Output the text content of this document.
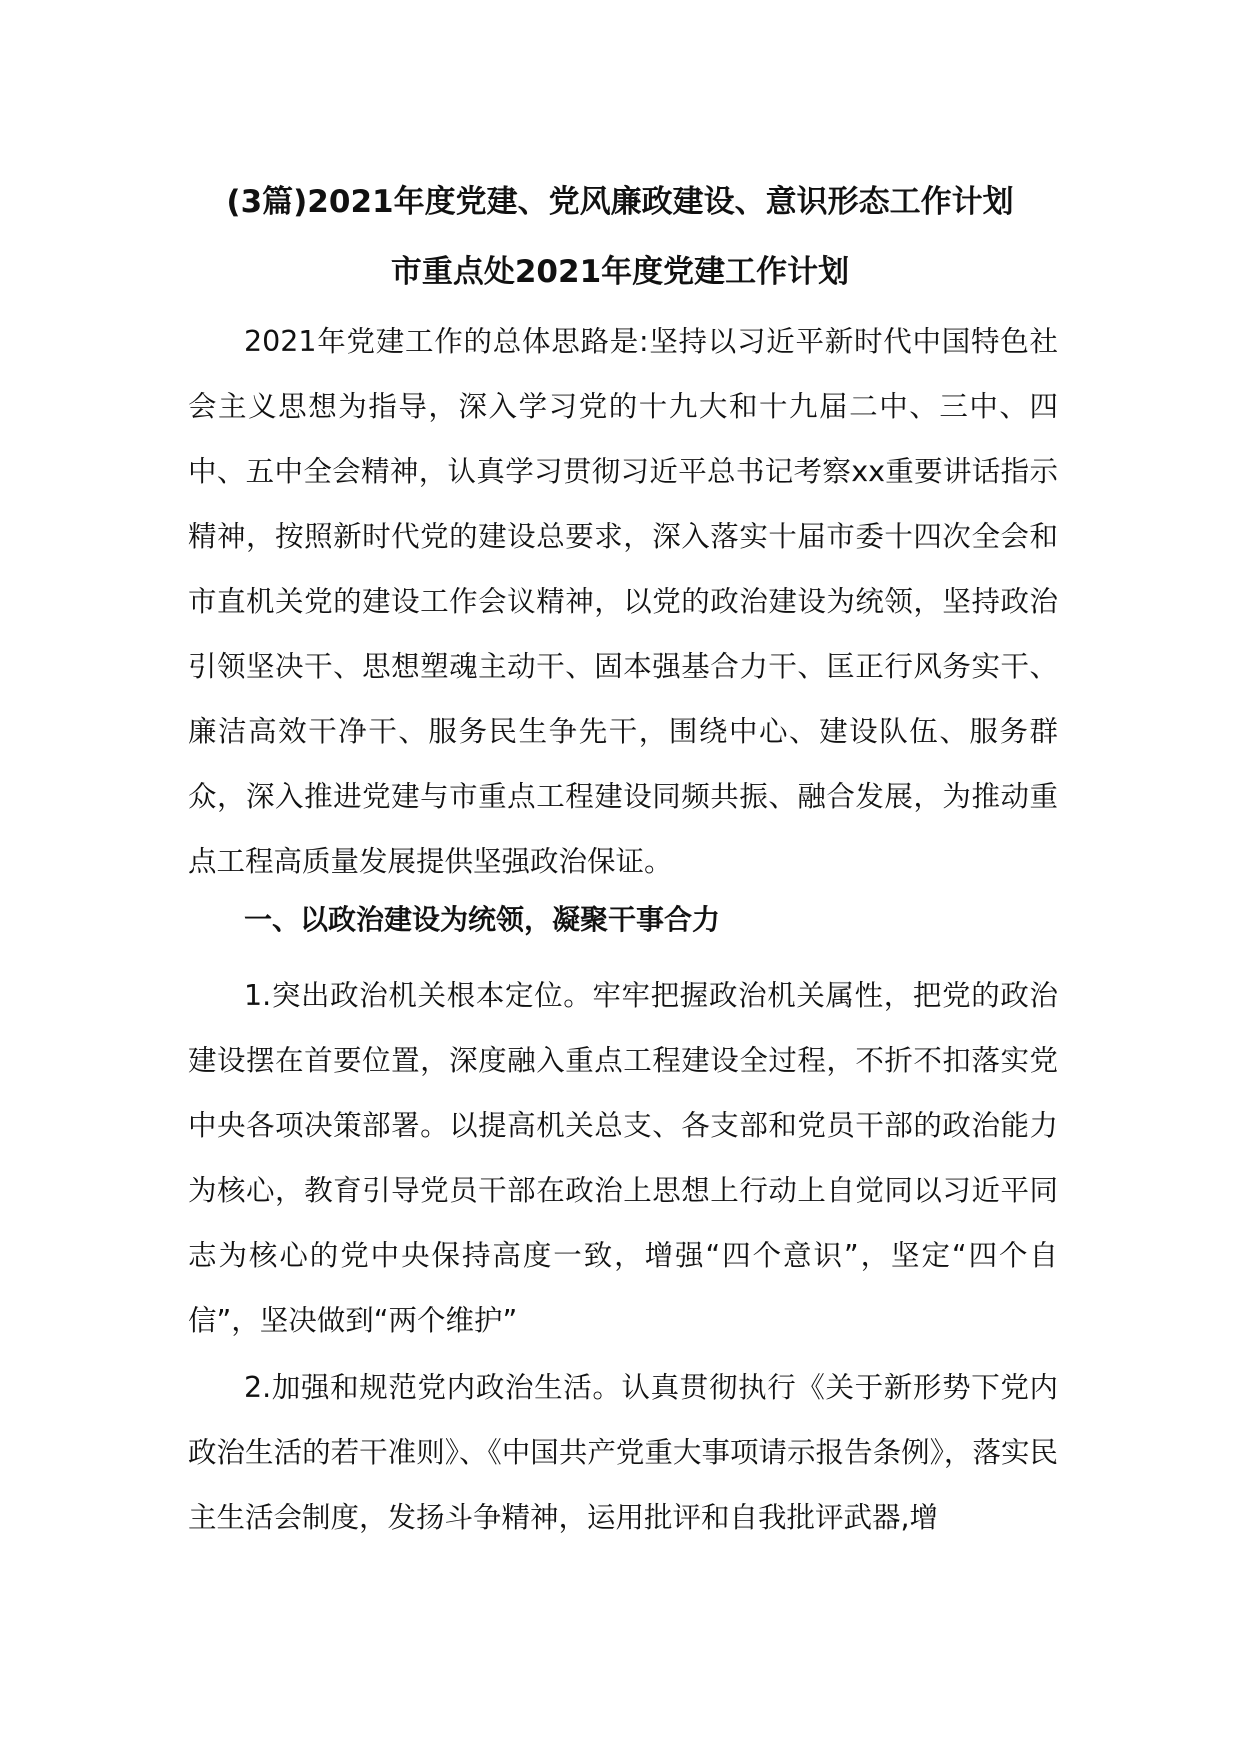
(3篇)2021年度党建、党风廉政建设、意识形态工作计划
市重点处2021年度党建工作计划

2021年党建工作的总体思路是:坚持以习近平新时代中国特色社会主义思想为指导，深入学习党的十九大和十九届二中、三中、四中、五中全会精神，认真学习贯彻习近平总书记考察xx重要讲话指示精神，按照新时代党的建设总要求，深入落实十届市委十四次全会和市直机关党的建设工作会议精神，以党的政治建设为统领，坚持政治引领坚决干、思想塑魂主动干、固本强基合力干、匡正行风务实干、廉洁高效干净干、服务民生争先干，围绕中心、建设队伍、服务群众，深入推进党建与市重点工程建设同频共振、融合发展，为推动重点工程高质量发展提供坚强政治保证。

一、以政治建设为统领，凝聚干事合力

1.突出政治机关根本定位。牢牢把握政治机关属性，把党的政治建设摆在首要位置，深度融入重点工程建设全过程，不折不扣落实党中央各项决策部署。以提高机关总支、各支部和党员干部的政治能力为核心，教育引导党员干部在政治上思想上行动上自觉同以习近平同志为核心的党中央保持高度一致，增强“四个意识”，坚定“四个自信”，坚决做到“两个维护”

2.加强和规范党内政治生活。认真贯彻执行《关于新形势下党内政治生活的若干准则》、《中国共产党重大事项请示报告条例》，落实民主生活会制度，发扬斗争精神，运用批评和自我批评武器,增
